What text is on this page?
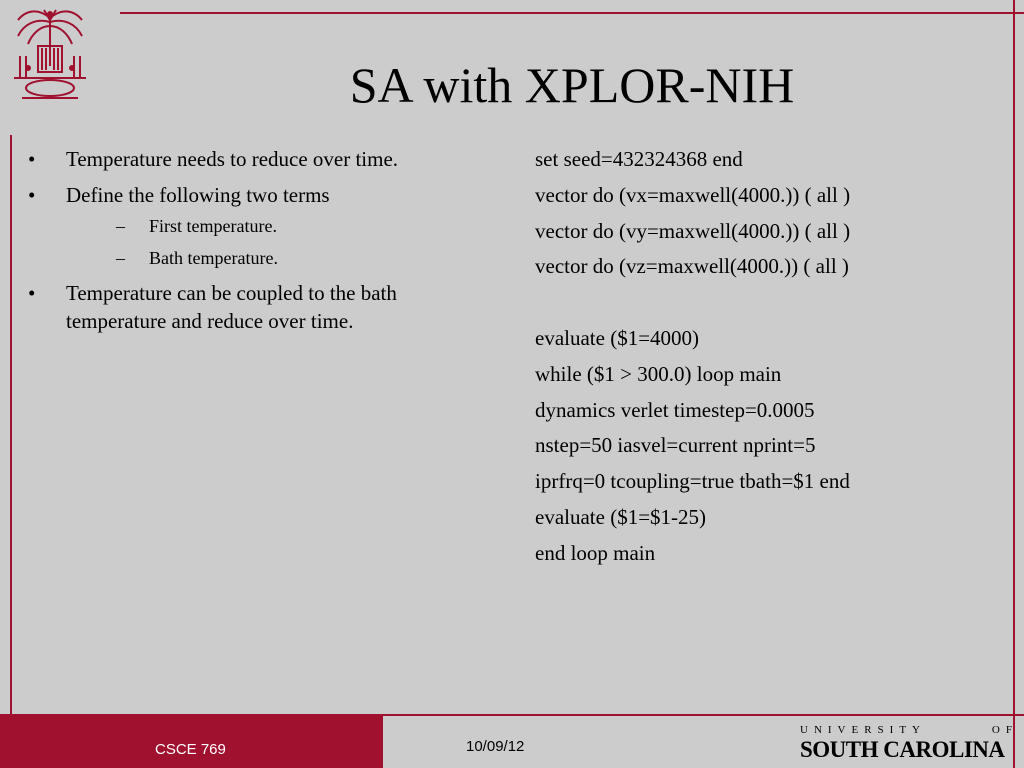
SA with XPLOR-NIH
• Temperature needs to reduce over time.
• Define the following two terms
– First temperature.
– Bath temperature.
• Temperature can be coupled to the bath temperature and reduce over time.
set seed=432324368 end
vector do (vx=maxwell(4000.)) ( all )
vector do (vy=maxwell(4000.)) ( all )
vector do (vz=maxwell(4000.)) ( all )
evaluate ($1=4000)
while ($1 > 300.0) loop main
dynamics verlet timestep=0.0005
nstep=50 iasvel=current nprint=5
iprfrq=0 tcoupling=true tbath=$1 end
evaluate ($1=$1-25)
end loop main
CSCE 769	10/09/12
UNIVERSITY OF
SOUTH CAROLINA
